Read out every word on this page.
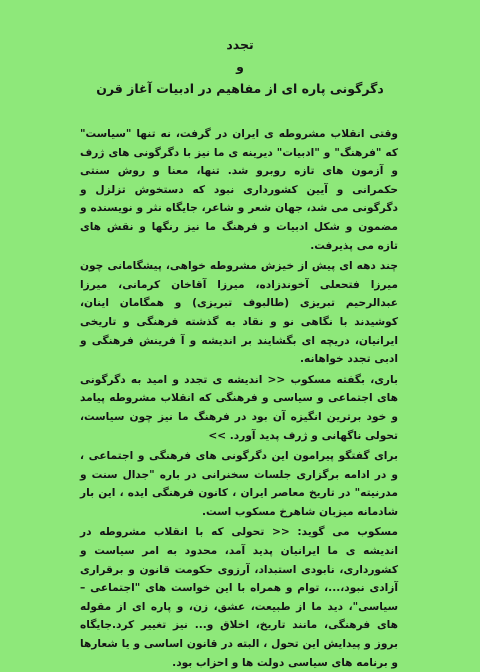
تجدد
و
دگرگونی پاره ای از مفاهیم در ادبیات آغاز قرن

وقتی انقلاب مشروطه ی ایران در گرفت، نه تنها "سیاست" که "فرهنگ" و "ادبیات" دیرینه ی ما نیز با دگرگونی های ژرف و آزمون های تازه روبرو شد. تنها، معنا و روش سنتی حکمرانی و آیین کشورداری نبود که دستخوش تزلزل و دگرگونی می شد، جهان شعر و شاعر، جایگاه نثر و نویسنده و مضمون و شکل ادبیات و فرهنگ ما نیز رنگها و نقش های تازه می پذیرفت.

چند دهه ای پیش از خیزش مشروطه خواهی، پیشگامانی چون میرزا فتحعلی آخوندزاده، میرزا آقاخان کرمانی، میرزا عبدالرحیم تبریزی (طالبوف تبریزی) و همگامان اینان، کوشیدند با نگاهی نو و نقاد به گذشته فرهنگی و تاریخی ایرانیان، دریچه ای بگشایند بر اندیشه و آ فرینش فرهنگی و ادبی تجدد خواهانه.

باری، بگفته مسکوب << اندیشه ی تجدد و امید به دگرگونی های اجتماعی و سیاسی و فرهنگی که انقلاب مشروطه پیامد و خود برترین انگیزه آن بود در فرهنگ ما نیز چون سیاست، تحولی ناگهانی و ژرف پدید آورد. >>

برای گفتگو پیرامون این دگرگونی های فرهنگی و اجتماعی ، و در ادامه برگزاری جلسات سخنرانی در باره "جدال سنت و مدرنیته" در تاریخ معاصر ایران ، کانون فرهنگی ایده ، این بار شادمانه میزبان شاهرخ مسکوب است.

مسکوب می گوید: << تحولی که با انقلاب مشروطه در اندیشه ی ما ایرانیان پدید آمد، محدود به امر سیاست و کشورداری، نابودی استبداد، آرزوی حکومت قانون و برقراری آزادی نبود،...، توام و همراه با این خواست های "اجتماعی – سیاسی"، دید ما از طبیعت، عشق، زن، و پاره ای از مقوله های فرهنگی، مانند تاریخ، اخلاق و... نیز تغییر کرد.جایگاه بروز و پیدایش این تحول ، البته در قانون اساسی و یا شعارها و برنامه های سیاسی دولت ها و احزاب بود.
